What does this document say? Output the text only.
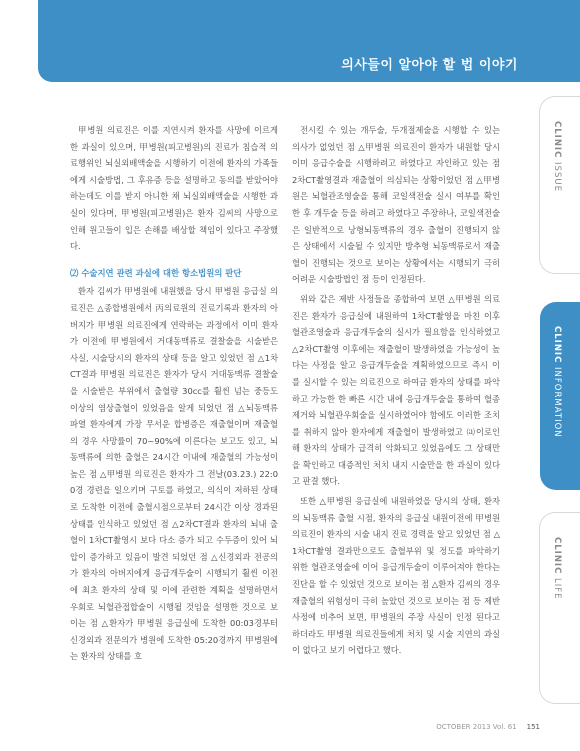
의사들이 알아야 할 법 이야기

甲병원 의료진은 이를 지연시켜 환자를 사망에 이르게 한 과실이 있으며, 甲병원(피고병원)의 진료가 침습적 의료행위인 뇌실외배액술을 시행하기 이전에 환자의 가족들에게 시술방법, 그 후유증 등을 설명하고 동의를 받았어야 하는데도 이를 받지 아니한 채 뇌실외배액술을 시행한 과실이 있다며, 甲병원(피고병원)은 환자 김씨의 사망으로 인해 원고들이 입은 손해를 배상할 책임이 있다고 주장했다.

⑵ 수술지연 관련 과실에 대한 항소법원의 판단

환자 김씨가 甲병원에 내원했을 당시 甲병원 응급실 의료진은 △종합병원에서 丙의료원의 진료기록과 환자의 아버지가 甲병원 의료진에게 연락하는 과정에서 이미 환자가 이전에 甲병원에서 거대동맥류로 결찰술을 시술받은 사실, 시술당시의 환자의 상태 등을 알고 있었던 점 △1차CT결과 甲병원 의료진은 환자가 당시 거대동맥류 결찰술을 시술받은 부위에서 출혈량 30cc를 훨씬 넘는 중등도 이상의 염상출혈이 있었음을 알게 되었던 점 △뇌동맥류 파열 환자에게 가장 무서운 합병증은 재출혈이며 재출혈의 경우 사망률이 70~90%에 이른다는 보고도 있고, 뇌동맥류에 의한 출혈은 24시간 이내에 재출혈의 가능성이 높은 점 △甲병원 의료진은 환자가 그 전날(03.23.) 22:00경 경련을 일으키며 구토를 하였고, 의식이 저하된 상태로 도착한 이전에 출혈시점으로부터 24시간 이상 경과된 상태를 인식하고 있었던 점 △2차CT결과 환자의 뇌내 출혈이 1차CT촬영시 보다 다소 증가 되고 수두증이 있어 뇌압이 증가하고 있음이 발견 되었던 점 △신경외과 전공의가 환자의 아버지에게 응급개두술이 시행되기 훨씬 이전에 최초 환자의 상태 및 이에 관련한 계획을 설명하면서 우회로 뇌혈관접합술이 시행될 것임을 설명한 것으로 보이는 점 △환자가 甲병원 응급실에 도착한 00:03경부터 신경외과 전문의가 병원에 도착한 05:20경까지 甲병원에는 환자의 상태를 호

전시킬 수 있는 개두술, 두개절제술을 시행할 수 있는 의사가 없었던 점 △甲병원 의료진이 환자가 내원할 당시 이미 응급수술을 시행하려고 하였다고 자인하고 있는 점 2차CT촬영결과 재출혈이 의심되는 상황이었던 점 △甲병원은 뇌혈관조영술을 통해 코일색전술 실시 여부를 확인한 후 개두술 등을 하려고 하였다고 주장하나, 코일색전술은 일반적으로 낭형뇌동맥류의 경우 출혈이 진행되지 않은 상태에서 시술될 수 있지만 방추형 뇌동맥류로서 재출혈이 진행되는 것으로 보이는 상황에서는 시행되기 극히 어려운 시술방법인 점 등이 인정된다.

위와 같은 제반 사정들을 종합하여 보면 △甲병원 의료진은 환자가 응급실에 내원하여 1차CT촬영을 마친 이후 혈관조영술과 응급개두술의 실시가 필요함을 인식하였고 △2차CT촬영 이후에는 재출혈이 발생하였을 가능성이 높다는 사정을 알고 응급개두술을 계획하였으므로 즉시 이를 실시할 수 있는 의료진으로 하여금 환자의 상태를 파악하고 가능한 한 빠른 시간 내에 응급개두술을 통하여 혈종제거와 뇌혈관우회술을 실시하였어야 함에도 이러한 조치를 취하지 않아 환자에게 재출혈이 발생하였고 ⒜이로인해 환자의 상태가 급격히 악화되고 있었음에도 그 상태만을 확인하고 대증적인 처치 내지 시술만을 한 과실이 있다고 판결 했다.

또한 △甲병원 응급실에 내원하였을 당시의 상태, 환자의 뇌동맥류 출혈 시점, 환자의 응급실 내원이전에 甲병원 의료진이 환자의 시술 내지 진료 경력을 알고 있었던 점 △1차CT촬영 결과만으로도 출혈부위 및 정도를 파악하기 위한 혈관조영술에 이어 응급개두술이 이루어져야 한다는 진단을 할 수 있었던 것으로 보이는 점 △환자 김씨의 경우 재출혈의 위험성이 극히 높았던 것으로 보이는 점 등 제반 사정에 비추어 보면, 甲병원의 주장 사실이 인정 된다고 하더라도 甲병원 의료진들에게 처치 및 시술 지연의 과실이 없다고 보기 어렵다고 했다.

CLINIC ISSUE
CLINIC INFORMATION
CLINIC LIFE
OCTOBER 2013 Vol. 61 151
